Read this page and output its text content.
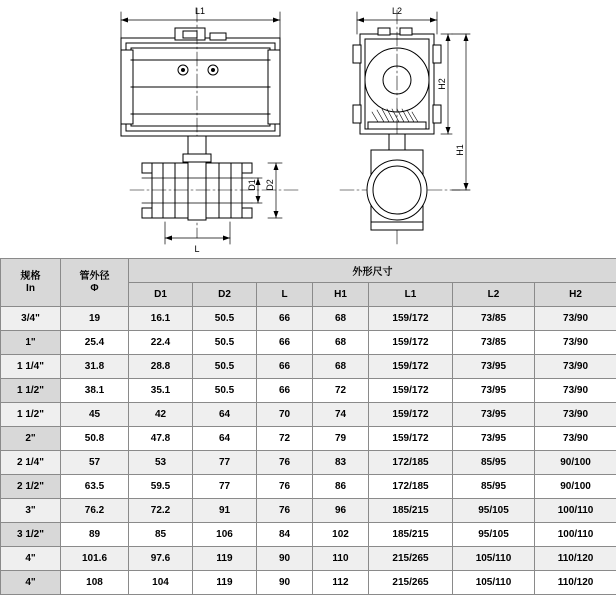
L1
D1 D2
L
L2
H2
H1
规格
In	管外径
Φ	外形尺寸						
		D1	D2	L	H1	L1	L2	H2
3/4"	19	16.1	50.5	66	68	159/172	73/85	73/90
1"	25.4	22.4	50.5	66	68	159/172	73/85	73/90
1 1/4"	31.8	28.8	50.5	66	68	159/172	73/95	73/90
1 1/2"	38.1	35.1	50.5	66	72	159/172	73/95	73/90
1 1/2"	45	42	64	70	74	159/172	73/95	73/90
2"	50.8	47.8	64	72	79	159/172	73/95	73/90
2 1/4"	57	53	77	76	83	172/185	85/95	90/100
2 1/2"	63.5	59.5	77	76	86	172/185	85/95	90/100
3"	76.2	72.2	91	76	96	185/215	95/105	100/110
3 1/2"	89	85	106	84	102	185/215	95/105	100/110
4"	101.6	97.6	119	90	110	215/265	105/110	110/120
4"	108	104	119	90	112	215/265	105/110	110/120
